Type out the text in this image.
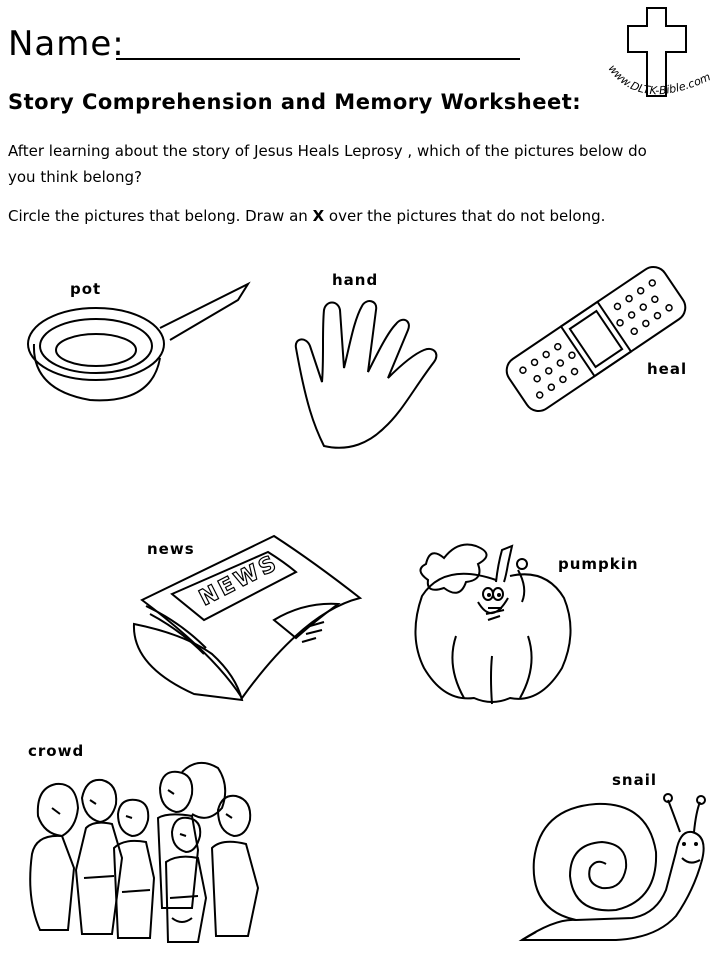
Name:
www.DLTK-Bible.com
Story Comprehension and Memory Worksheet:
After learning about the story of Jesus Heals Leprosy , which of the pictures below do you think belong?
Circle the pictures that belong. Draw an X over the pictures that do not belong.
pot	hand
heal
news
NEWS	pumpkin
crowd
snail
